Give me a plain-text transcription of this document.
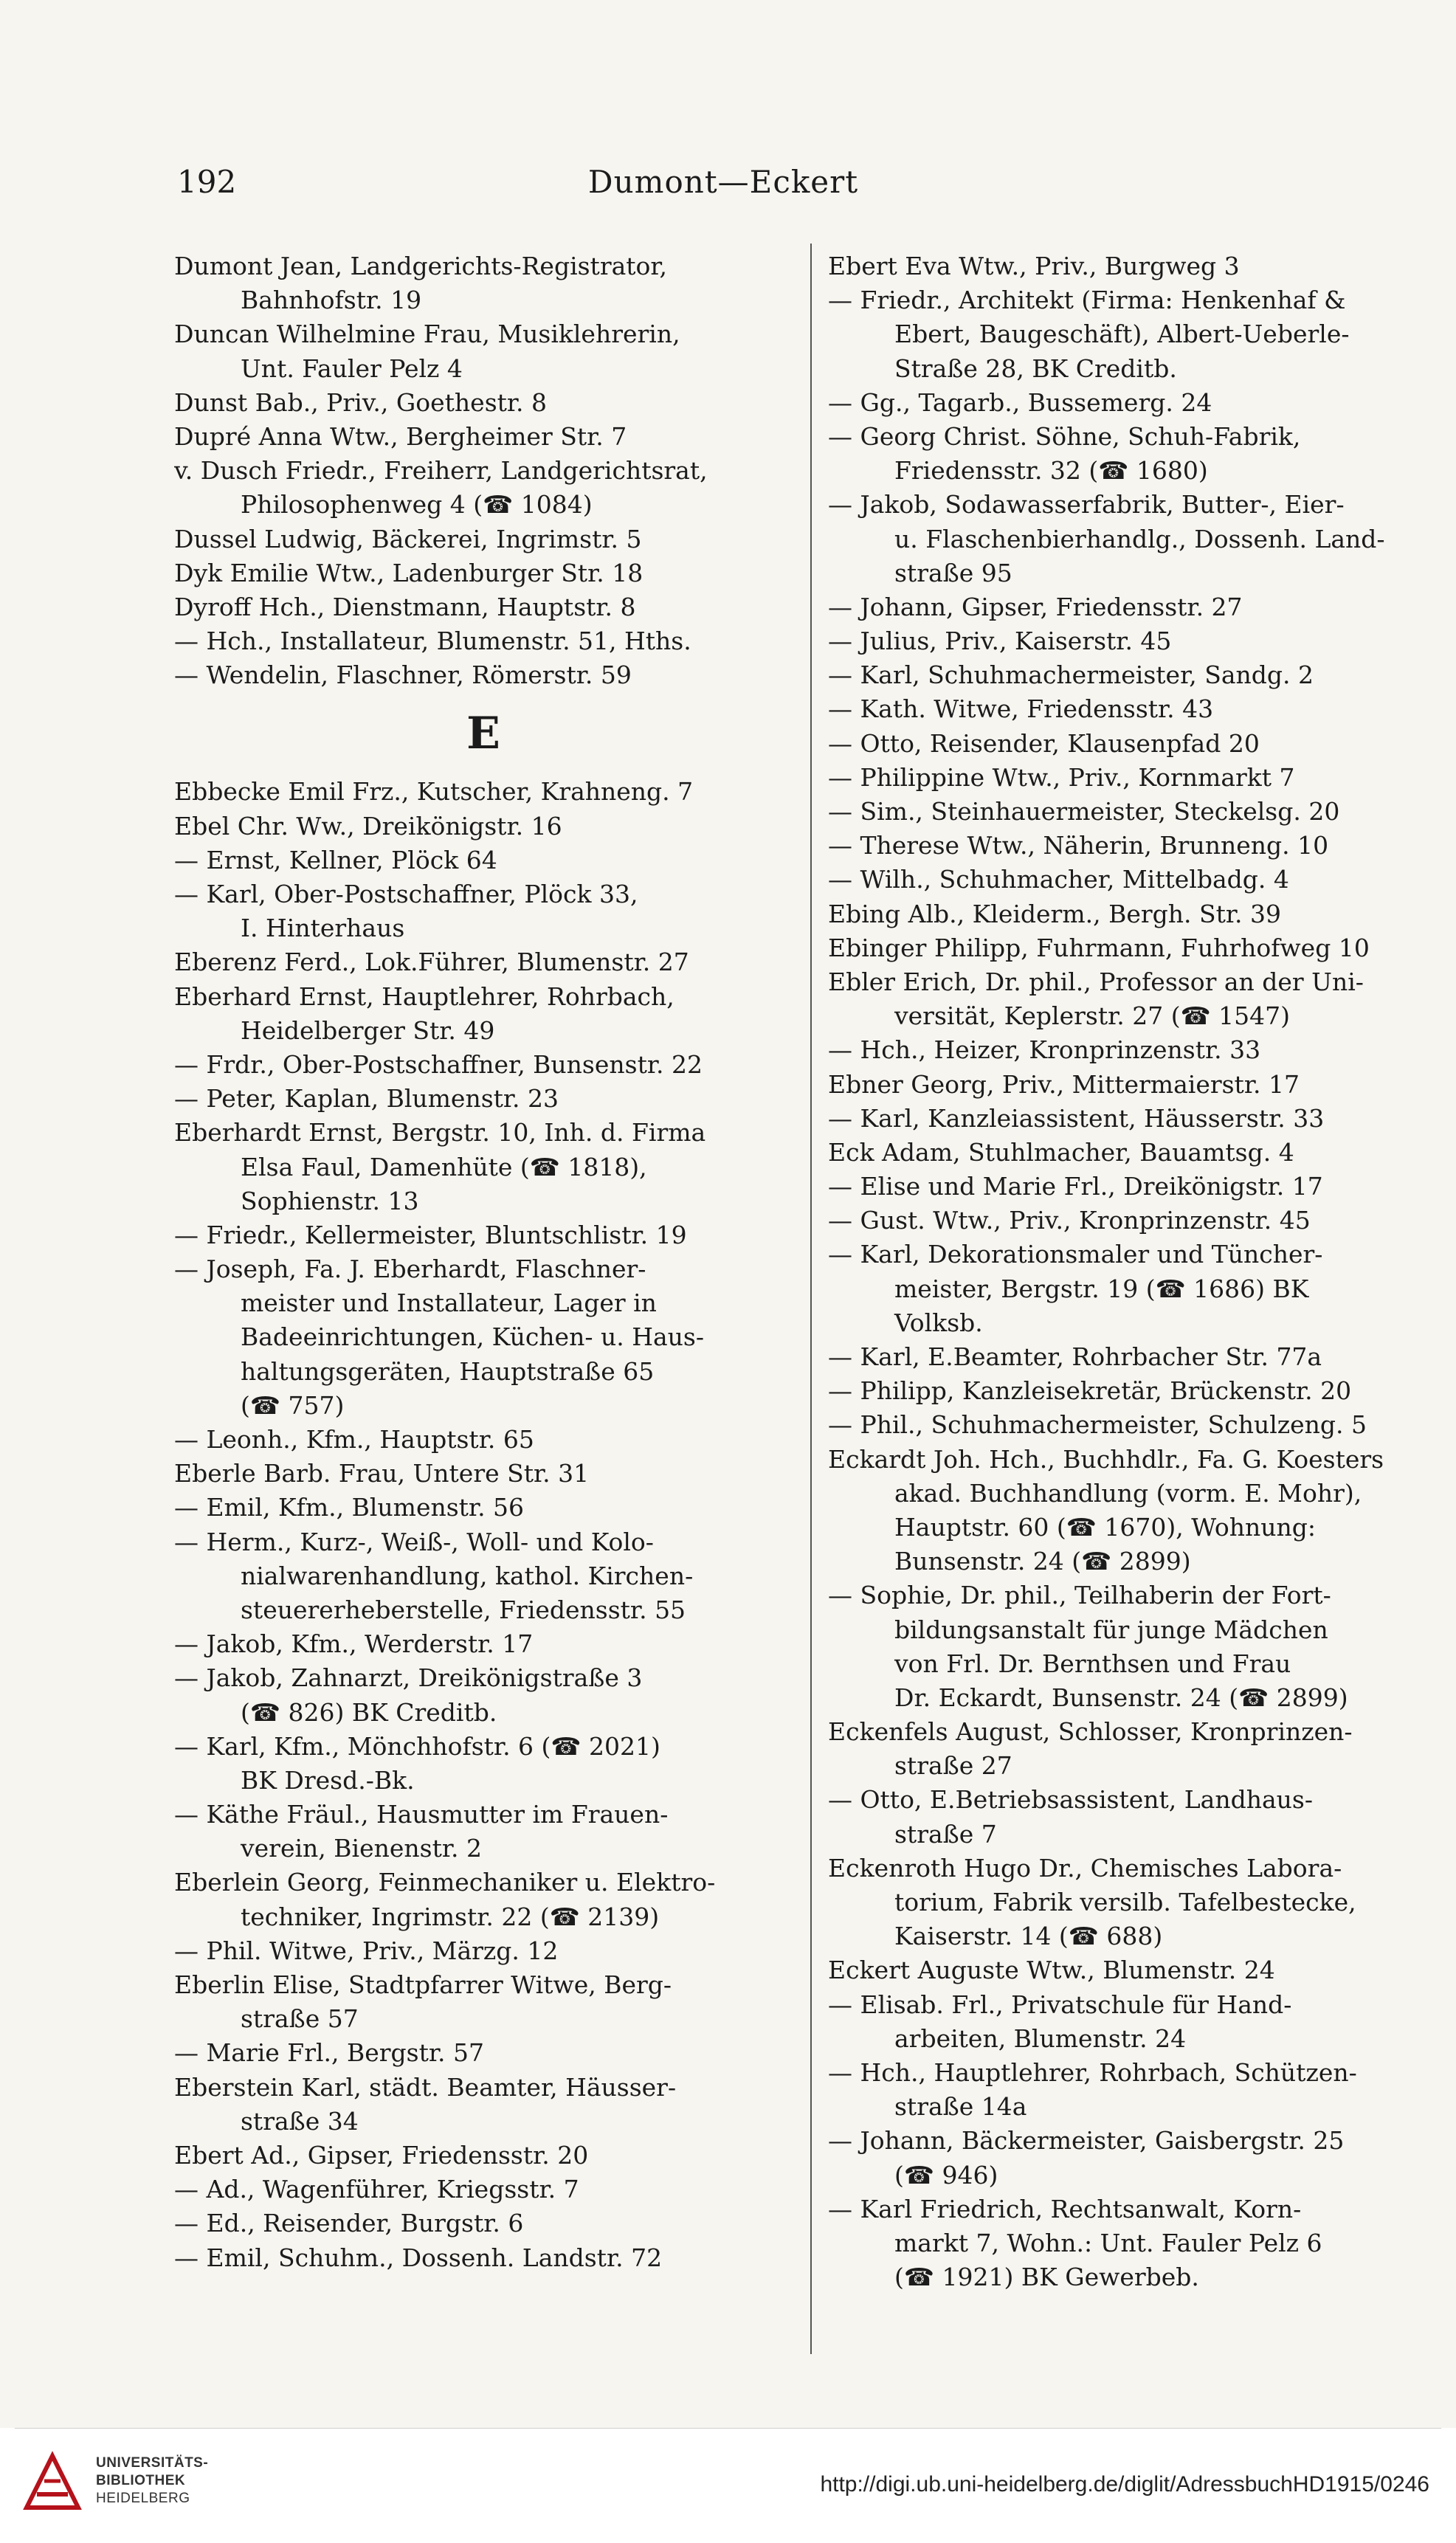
192	Dumont—Eckert
Dumont Jean, Landgerichts-Registrator,
Bahnhofstr. 19
Duncan Wilhelmine Frau, Musiklehrerin,
Unt. Fauler Pelz 4
Dunst Bab., Priv., Goethestr. 8
Dupré Anna Wtw., Bergheimer Str. 7
v. Dusch Friedr., Freiherr, Landgerichtsrat,
Philosophenweg 4 (☎ 1084)
Dussel Ludwig, Bäckerei, Ingrimstr. 5
Dyk Emilie Wtw., Ladenburger Str. 18
Dyroff Hch., Dienstmann, Hauptstr. 8
— Hch., Installateur, Blumenstr. 51, Hths.
— Wendelin, Flaschner, Römerstr. 59
E
Ebbecke Emil Frz., Kutscher, Krahneng. 7
Ebel Chr. Ww., Dreikönigstr. 16
— Ernst, Kellner, Plöck 64
— Karl, Ober-Postschaffner, Plöck 33,
I. Hinterhaus
Eberenz Ferd., Lok.Führer, Blumenstr. 27
Eberhard Ernst, Hauptlehrer, Rohrbach,
Heidelberger Str. 49
— Frdr., Ober-Postschaffner, Bunsenstr. 22
— Peter, Kaplan, Blumenstr. 23
Eberhardt Ernst, Bergstr. 10, Inh. d. Firma
Elsa Faul, Damenhüte (☎ 1818),
Sophienstr. 13
— Friedr., Kellermeister, Bluntschlistr. 19
— Joseph, Fa. J. Eberhardt, Flaschner-
meister und Installateur, Lager in
Badeeinrichtungen, Küchen- u. Haus-
haltungsgeräten, Hauptstraße 65
(☎ 757)
— Leonh., Kfm., Hauptstr. 65
Eberle Barb. Frau, Untere Str. 31
— Emil, Kfm., Blumenstr. 56
— Herm., Kurz-, Weiß-, Woll- und Kolo-
nialwarenhandlung, kathol. Kirchen-
steuererheberstelle, Friedensstr. 55
— Jakob, Kfm., Werderstr. 17
— Jakob, Zahnarzt, Dreikönigstraße 3
(☎ 826) BK Creditb.
— Karl, Kfm., Mönchhofstr. 6 (☎ 2021)
BK Dresd.-Bk.
— Käthe Fräul., Hausmutter im Frauen-
verein, Bienenstr. 2
Eberlein Georg, Feinmechaniker u. Elektro-
techniker, Ingrimstr. 22 (☎ 2139)
— Phil. Witwe, Priv., Märzg. 12
Eberlin Elise, Stadtpfarrer Witwe, Berg-
straße 57
— Marie Frl., Bergstr. 57
Eberstein Karl, städt. Beamter, Häusser-
straße 34
Ebert Ad., Gipser, Friedensstr. 20
— Ad., Wagenführer, Kriegsstr. 7
— Ed., Reisender, Burgstr. 6
— Emil, Schuhm., Dossenh. Landstr. 72
Ebert Eva Wtw., Priv., Burgweg 3
— Friedr., Architekt (Firma: Henkenhaf &
Ebert, Baugeschäft), Albert-Ueberle-
Straße 28, BK Creditb.
— Gg., Tagarb., Bussemerg. 24
— Georg Christ. Söhne, Schuh-Fabrik,
Friedensstr. 32 (☎ 1680)
— Jakob, Sodawasserfabrik, Butter-, Eier-
u. Flaschenbierhandlg., Dossenh. Land-
straße 95
— Johann, Gipser, Friedensstr. 27
— Julius, Priv., Kaiserstr. 45
— Karl, Schuhmachermeister, Sandg. 2
— Kath. Witwe, Friedensstr. 43
— Otto, Reisender, Klausenpfad 20
— Philippine Wtw., Priv., Kornmarkt 7
— Sim., Steinhauermeister, Steckelsg. 20
— Therese Wtw., Näherin, Brunneng. 10
— Wilh., Schuhmacher, Mittelbadg. 4
Ebing Alb., Kleiderm., Bergh. Str. 39
Ebinger Philipp, Fuhrmann, Fuhrhofweg 10
Ebler Erich, Dr. phil., Professor an der Uni-
versität, Keplerstr. 27 (☎ 1547)
— Hch., Heizer, Kronprinzenstr. 33
Ebner Georg, Priv., Mittermaierstr. 17
— Karl, Kanzleiassistent, Häusserstr. 33
Eck Adam, Stuhlmacher, Bauamtsg. 4
— Elise und Marie Frl., Dreikönigstr. 17
— Gust. Wtw., Priv., Kronprinzenstr. 45
— Karl, Dekorationsmaler und Tüncher-
meister, Bergstr. 19 (☎ 1686) BK
Volksb.
— Karl, E.Beamter, Rohrbacher Str. 77a
— Philipp, Kanzleisekretär, Brückenstr. 20
— Phil., Schuhmachermeister, Schulzeng. 5
Eckardt Joh. Hch., Buchhdlr., Fa. G. Koesters
akad. Buchhandlung (vorm. E. Mohr),
Hauptstr. 60 (☎ 1670), Wohnung:
Bunsenstr. 24 (☎ 2899)
— Sophie, Dr. phil., Teilhaberin der Fort-
bildungsanstalt für junge Mädchen
von Frl. Dr. Bernthsen und Frau
Dr. Eckardt, Bunsenstr. 24 (☎ 2899)
Eckenfels August, Schlosser, Kronprinzen-
straße 27
— Otto, E.Betriebsassistent, Landhaus-
straße 7
Eckenroth Hugo Dr., Chemisches Labora-
torium, Fabrik versilb. Tafelbestecke,
Kaiserstr. 14 (☎ 688)
Eckert Auguste Wtw., Blumenstr. 24
— Elisab. Frl., Privatschule für Hand-
arbeiten, Blumenstr. 24
— Hch., Hauptlehrer, Rohrbach, Schützen-
straße 14a
— Johann, Bäckermeister, Gaisbergstr. 25
(☎ 946)
— Karl Friedrich, Rechtsanwalt, Korn-
markt 7, Wohn.: Unt. Fauler Pelz 6
(☎ 1921) BK Gewerbeb.
UNIVERSITÄTS-
BIBLIOTHEK
HEIDELBERG
http://digi.ub.uni-heidelberg.de/diglit/AdressbuchHD1915/0246
